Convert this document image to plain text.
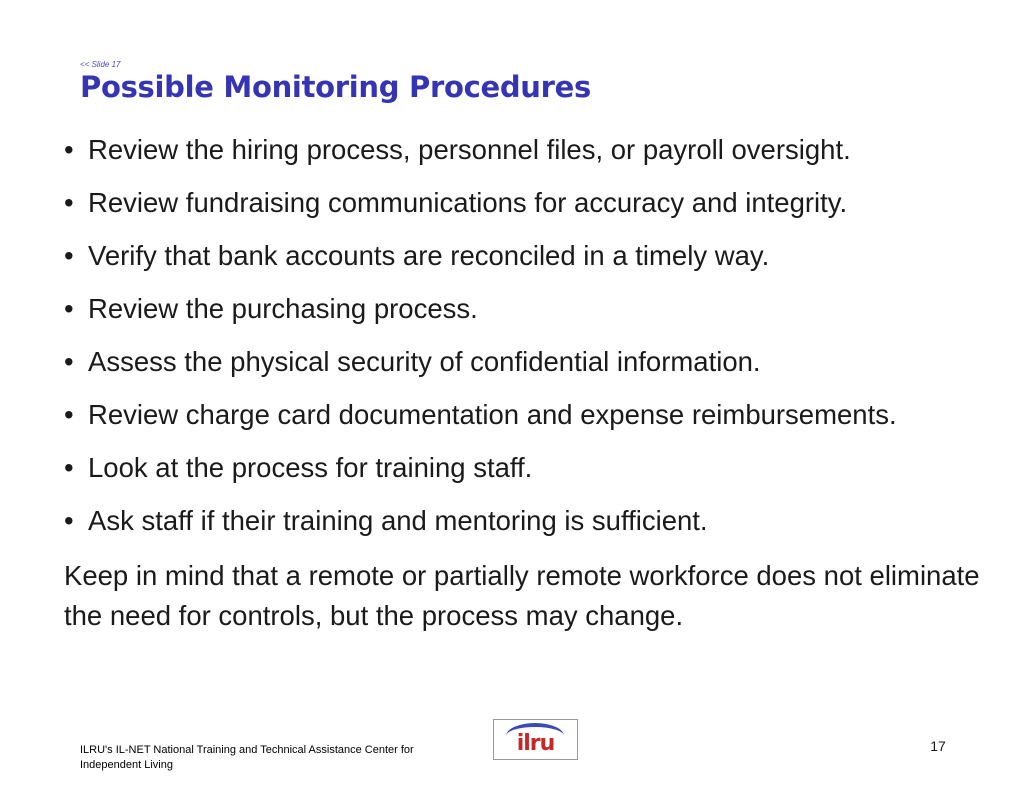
<< Slide 17
Possible Monitoring Procedures
• Review the hiring process, personnel files, or payroll oversight.
• Review fundraising communications for accuracy and integrity.
• Verify that bank accounts are reconciled in a timely way.
• Review the purchasing process.
• Assess the physical security of confidential information.
• Review charge card documentation and expense reimbursements.
• Look at the process for training staff.
• Ask staff if their training and mentoring is sufficient.
Keep in mind that a remote or partially remote workforce does not eliminate the need for controls, but the process may change.
ILRU's IL-NET National Training and Technical Assistance Center for
Independent Living
ilru	17
